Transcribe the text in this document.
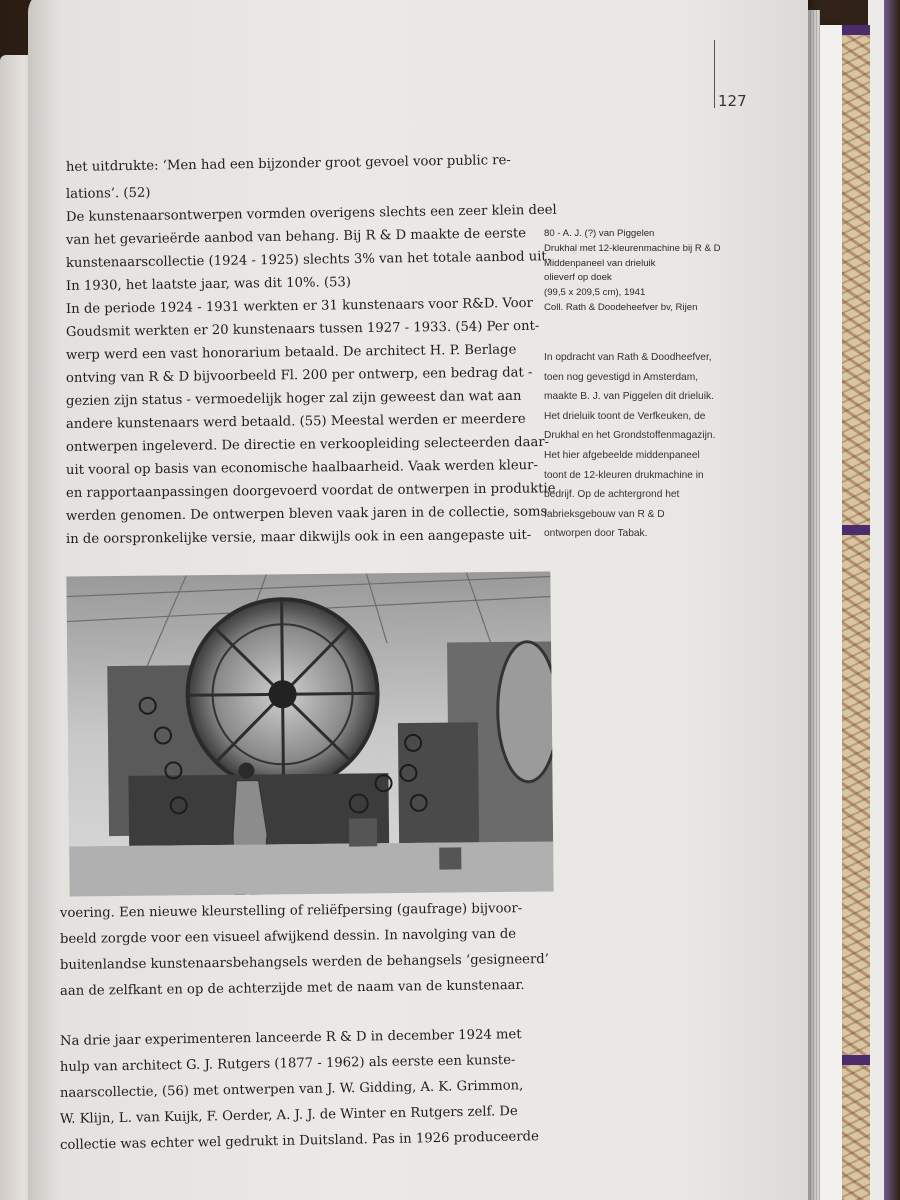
127
het uitdrukte: ‘Men had een bijzonder groot gevoel voor public re-
lations’. (52)
De kunstenaarsontwerpen vormden overigens slechts een zeer klein deel
van het gevarieërde aanbod van behang. Bij R & D maakte de eerste
kunstenaarscollectie (1924 - 1925) slechts 3% van het totale aanbod uit.
In 1930, het laatste jaar, was dit 10%. (53)
In de periode 1924 - 1931 werkten er 31 kunstenaars voor R&D. Voor
Goudsmit werkten er 20 kunstenaars tussen 1927 - 1933. (54) Per ont-
werp werd een vast honorarium betaald. De architect H. P. Berlage
ontving van R & D bijvoorbeeld Fl. 200 per ontwerp, een bedrag dat -
gezien zijn status - vermoedelijk hoger zal zijn geweest dan wat aan
andere kunstenaars werd betaald. (55) Meestal werden er meerdere
ontwerpen ingeleverd. De directie en verkoopleiding selecteerden daar-
uit vooral op basis van economische haalbaarheid. Vaak werden kleur-
en rapportaanpassingen doorgevoerd voordat de ontwerpen in produktie
werden genomen. De ontwerpen bleven vaak jaren in de collectie, soms
in de oorspronkelijke versie, maar dikwijls ook in een aangepaste uit-
80 - A. J. (?) van Piggelen
Drukhal met 12-kleurenmachine bij R & D
Middenpaneel van drieluik
olieverf op doek
(99,5 x 209,5 cm), 1941
Coll. Rath & Doodeheefver bv, Rijen
In opdracht van Rath & Doodheefver,
toen nog gevestigd in Amsterdam,
maakte B. J. van Piggelen dit drieluik.
Het drieluik toont de Verfkeuken, de
Drukhal en het Grondstoffenmagazijn.
Het hier afgebeelde middenpaneel
toont de 12-kleuren drukmachine in
bedrijf. Op de achtergrond het
fabrieksgebouw van R & D
ontworpen door Tabak.
voering. Een nieuwe kleurstelling of reliëfpersing (gaufrage) bijvoor-
beeld zorgde voor een visueel afwijkend dessin. In navolging van de
buitenlandse kunstenaarsbehangsels werden de behangsels ‘gesigneerd’
aan de zelfkant en op de achterzijde met de naam van de kunstenaar.
Na drie jaar experimenteren lanceerde R & D in december 1924 met
hulp van architect G. J. Rutgers (1877 - 1962) als eerste een kunste-
naarscollectie, (56) met ontwerpen van J. W. Gidding, A. K. Grimmon,
W. Klijn, L. van Kuijk, F. Oerder, A. J. J. de Winter en Rutgers zelf. De
collectie was echter wel gedrukt in Duitsland. Pas in 1926 produceerde
